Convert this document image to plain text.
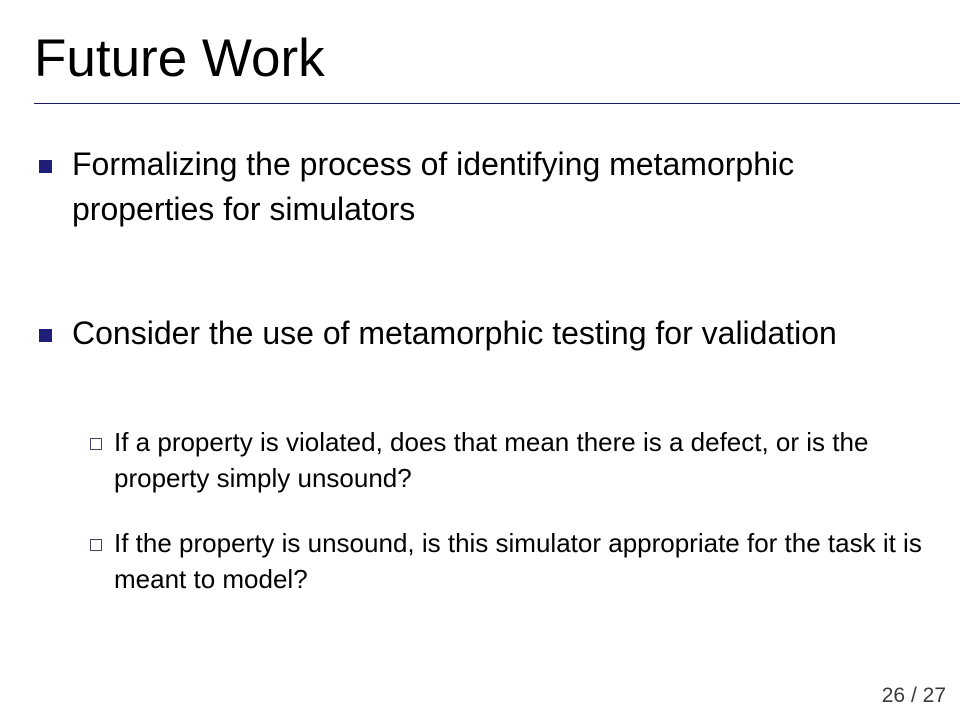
Future Work
Formalizing the process of identifying metamorphic properties for simulators
Consider the use of metamorphic testing for validation
If a property is violated, does that mean there is a defect, or is the property simply unsound?
If the property is unsound, is this simulator appropriate for the task it is meant to model?
26 / 27
